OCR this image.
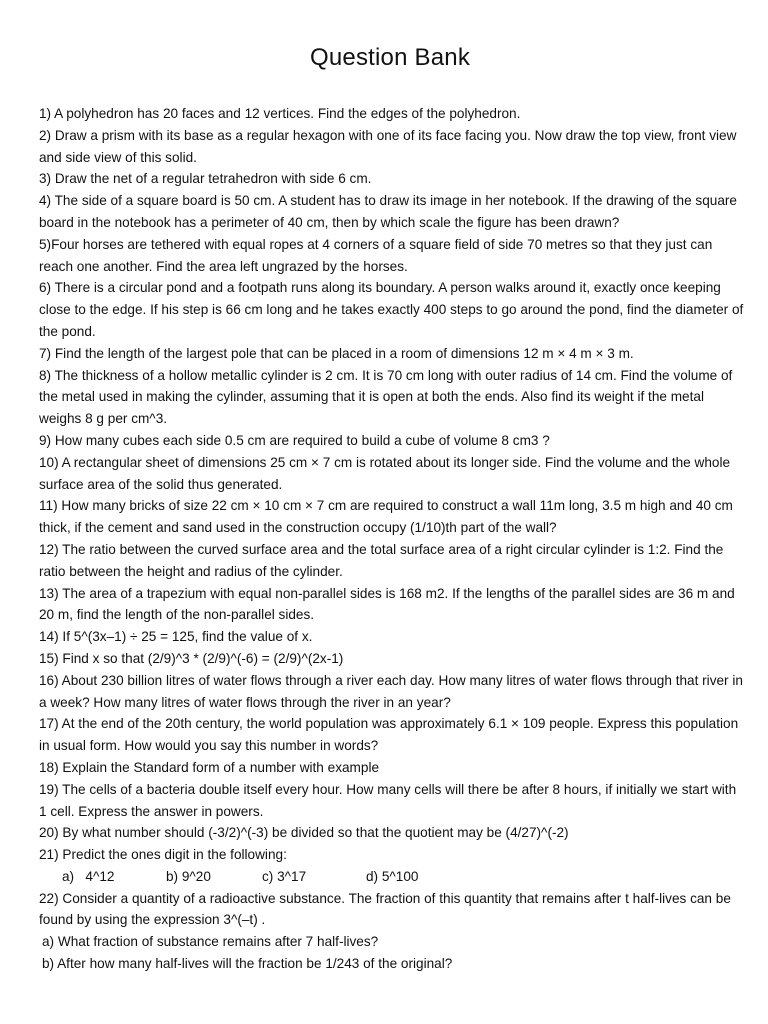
Question Bank

1) A polyhedron has 20 faces and 12 vertices. Find the edges of the polyhedron.

2) Draw a prism with its base as a regular hexagon with one of its face facing you. Now draw the top view, front view and side view of this solid.

3) Draw the net of a regular tetrahedron with side 6 cm.

4) The side of a square board is 50 cm. A student has to draw its image in her notebook. If the drawing of the square board in the notebook has a perimeter of 40 cm, then by which scale the figure has been drawn?

5)Four horses are tethered with equal ropes at 4 corners of a square field of side 70 metres so that they just can reach one another. Find the area left ungrazed by the horses.

6) There is a circular pond and a footpath runs along its boundary. A person walks around it, exactly once keeping close to the edge. If his step is 66 cm long and he takes exactly 400 steps to go around the pond, find the diameter of the pond.

7) Find the length of the largest pole that can be placed in a room of dimensions 12 m × 4 m × 3 m.

8) The thickness of a hollow metallic cylinder is 2 cm. It is 70 cm long with outer radius of 14 cm. Find the volume of the metal used in making the cylinder, assuming that it is open at both the ends. Also find its weight if the metal weighs 8 g per cm^3.

9) How many cubes each side 0.5 cm are required to build a cube of volume 8 cm3 ?

10) A rectangular sheet of dimensions 25 cm × 7 cm is rotated about its longer side. Find the volume and the whole surface area of the solid thus generated.

11) How many bricks of size 22 cm × 10 cm × 7 cm are required to construct a wall 11m long, 3.5 m high and 40 cm thick, if the cement and sand used in the construction occupy (1/10)th part of the wall?

12) The ratio between the curved surface area and the total surface area of a right circular cylinder is 1:2. Find the ratio between the height and radius of the cylinder.

13) The area of a trapezium with equal non-parallel sides is 168 m2. If the lengths of the parallel sides are 36 m and 20 m, find the length of the non-parallel sides.

14) If 5^(3x–1) ÷ 25 = 125, find the value of x.

15) Find x so that (2/9)^3 * (2/9)^(-6) = (2/9)^(2x-1)

16) About 230 billion litres of water flows through a river each day. How many litres of water flows through that river in a week? How many litres of water flows through the river in an year?

17) At the end of the 20th century, the world population was approximately 6.1 × 109 people. Express this population in usual form. How would you say this number in words?

18) Explain the Standard form of a number with example

19) The cells of a bacteria double itself every hour. How many cells will there be after 8 hours, if initially we start with 1 cell. Express the answer in powers.

20) By what number should (-3/2)^(-3) be divided so that the quotient may be (4/27)^(-2)

21) Predict the ones digit in the following:

a)   4^12	b) 9^20	c) 3^17	d) 5^100

22) Consider a quantity of a radioactive substance. The fraction of this quantity that remains after t half-lives can be found by using the expression 3^(–t) .

a) What fraction of substance remains after 7 half-lives?

b) After how many half-lives will the fraction be 1/243 of the original?
